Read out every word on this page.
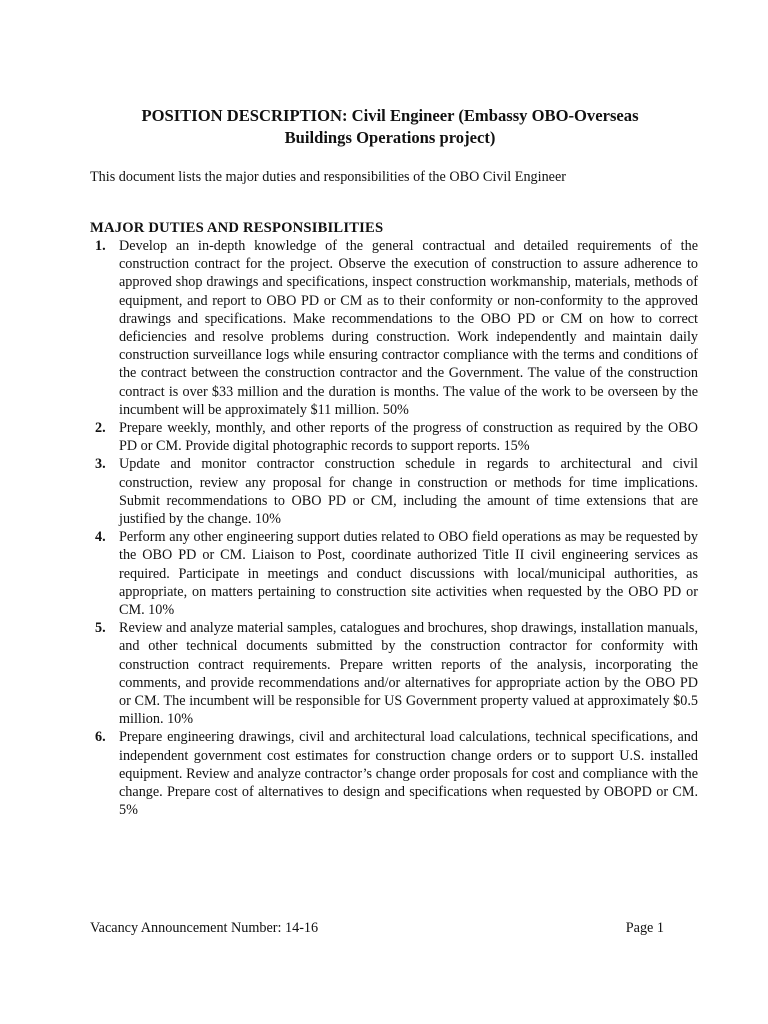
POSITION DESCRIPTION: Civil Engineer (Embassy OBO-Overseas
Buildings Operations project)
This document lists the major duties and responsibilities of the OBO Civil Engineer
MAJOR DUTIES AND RESPONSIBILITIES
1. Develop an in-depth knowledge of the general contractual and detailed requirements of the construction contract for the project. Observe the execution of construction to assure adherence to approved shop drawings and specifications, inspect construction workmanship, materials, methods of equipment, and report to OBO PD or CM as to their conformity or non-conformity to the approved drawings and specifications. Make recommendations to the OBO PD or CM on how to correct deficiencies and resolve problems during construction. Work independently and maintain daily construction surveillance logs while ensuring contractor compliance with the terms and conditions of the contract between the construction contractor and the Government. The value of the construction contract is over $33 million and the duration is months. The value of the work to be overseen by the incumbent will be approximately $11 million. 50%
2. Prepare weekly, monthly, and other reports of the progress of construction as required by the OBO PD or CM. Provide digital photographic records to support reports. 15%
3. Update and monitor contractor construction schedule in regards to architectural and civil construction, review any proposal for change in construction or methods for time implications. Submit recommendations to OBO PD or CM, including the amount of time extensions that are justified by the change. 10%
4. Perform any other engineering support duties related to OBO field operations as may be requested by the OBO PD or CM. Liaison to Post, coordinate authorized Title II civil engineering services as required. Participate in meetings and conduct discussions with local/municipal authorities, as appropriate, on matters pertaining to construction site activities when requested by the OBO PD or CM. 10%
5. Review and analyze material samples, catalogues and brochures, shop drawings, installation manuals, and other technical documents submitted by the construction contractor for conformity with construction contract requirements. Prepare written reports of the analysis, incorporating the comments, and provide recommendations and/or alternatives for appropriate action by the OBO PD or CM. The incumbent will be responsible for US Government property valued at approximately $0.5 million. 10%
6. Prepare engineering drawings, civil and architectural load calculations, technical specifications, and independent government cost estimates for construction change orders or to support U.S. installed equipment. Review and analyze contractor’s change order proposals for cost and compliance with the change. Prepare cost of alternatives to design and specifications when requested by OBOPD or CM. 5%
Vacancy Announcement Number: 14-16	Page 1
